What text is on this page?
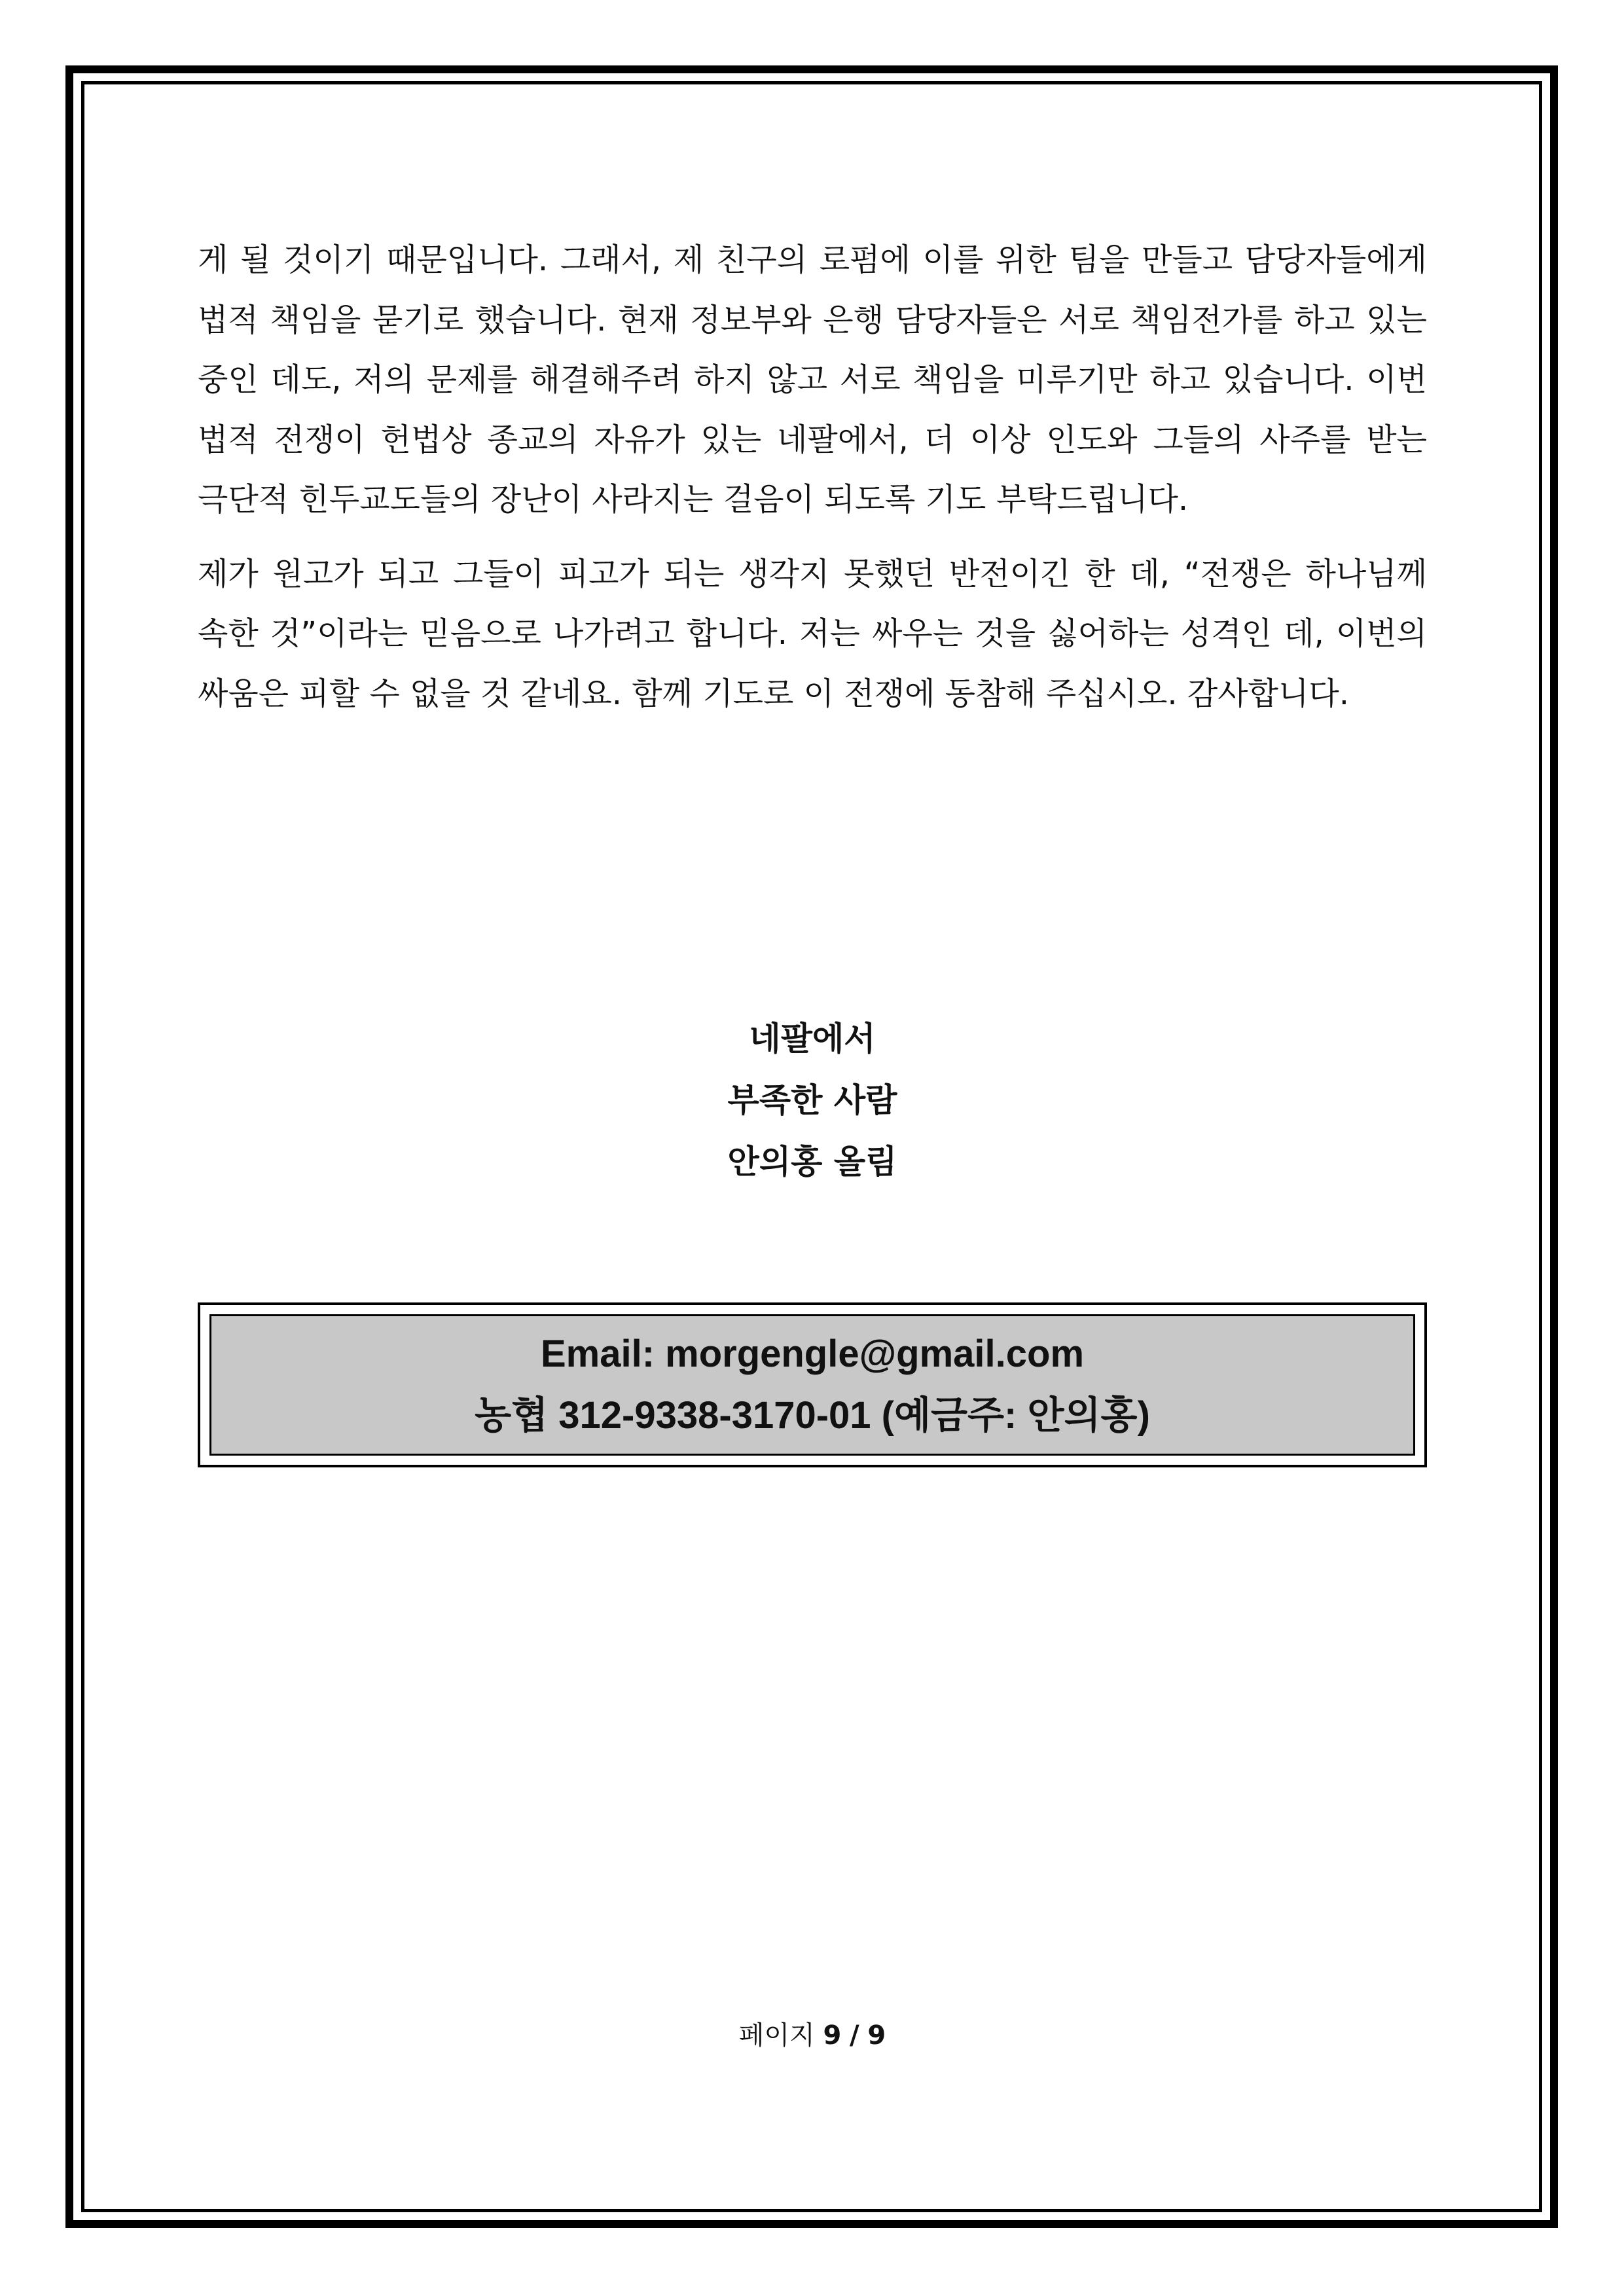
게 될 것이기 때문입니다. 그래서, 제 친구의 로펌에 이를 위한 팀을 만들고 담당자들에게 법적 책임을 묻기로 했습니다. 현재 정보부와 은행 담당자들은 서로 책임전가를 하고 있는 중인 데도, 저의 문제를 해결해주려 하지 않고 서로 책임을 미루기만 하고 있습니다. 이번 법적 전쟁이 헌법상 종교의 자유가 있는 네팔에서, 더 이상 인도와 그들의 사주를 받는 극단적 힌두교도들의 장난이 사라지는 걸음이 되도록 기도 부탁드립니다.

제가 원고가 되고 그들이 피고가 되는 생각지 못했던 반전이긴 한 데, “전쟁은 하나님께 속한 것”이라는 믿음으로 나가려고 합니다. 저는 싸우는 것을 싫어하는 성격인 데, 이번의 싸움은 피할 수 없을 것 같네요. 함께 기도로 이 전쟁에 동참해 주십시오. 감사합니다.

네팔에서
부족한 사람
안의홍 올림
Email: morgengle@gmail.com
농협 312-9338-3170-01 (예금주: 안의홍)
페이지 9 / 9
